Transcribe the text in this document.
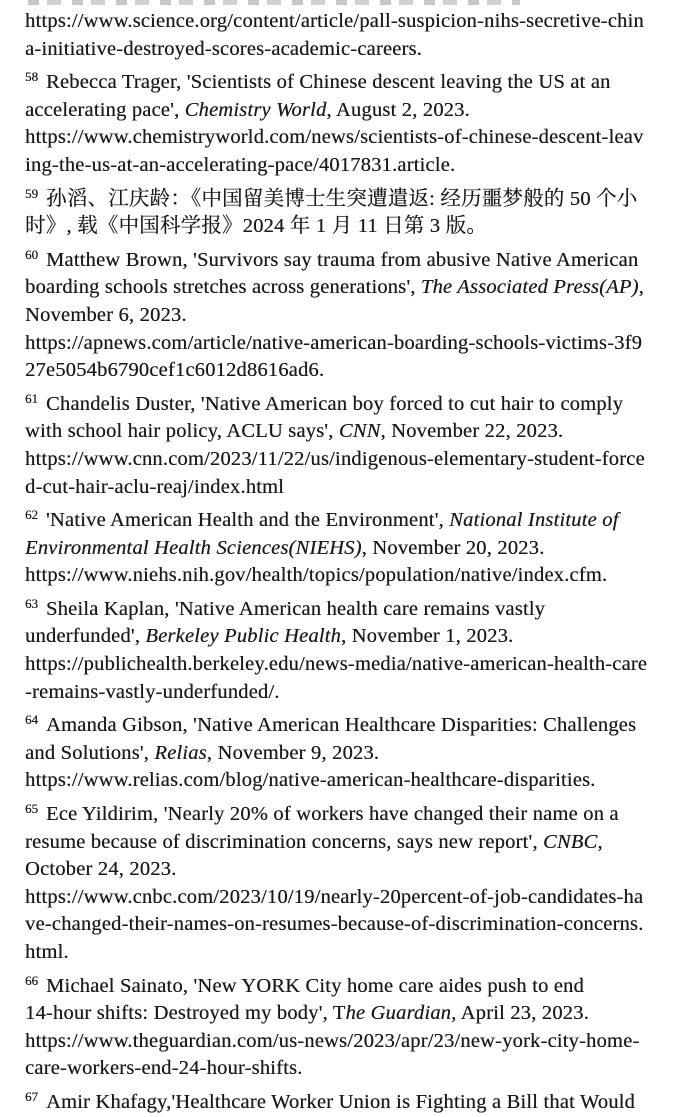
https://www.science.org/content/article/pall-suspicion-nihs-secretive-chin
a-initiative-destroyed-scores-academic-careers.
$^{58}$ Rebecca Trager, 'Scientists of Chinese descent leaving the US at an
accelerating pace', Chemistry World, August 2, 2023.
https://www.chemistryworld.com/news/scientists-of-chinese-descent-leav
ing-the-us-at-an-accelerating-pace/4017831.article.
$^{59}$ 孙滔、江庆龄：《中国留美博士生突遭遣返: 经历噩梦般的 50 个小
时》, 载《中国科学报》2024 年 1 月 11 日第 3 版。
$^{60}$ Matthew Brown, 'Survivors say trauma from abusive Native American
boarding schools stretches across generations', The Associated Press(AP),
November 6, 2023.
https://apnews.com/article/native-american-boarding-schools-victims-3f9
27e5054b6790cef1c6012d8616ad6.
$^{61}$ Chandelis Duster, 'Native American boy forced to cut hair to comply
with school hair policy, ACLU says', CNN, November 22, 2023.
https://www.cnn.com/2023/11/22/us/indigenous-elementary-student-force
d-cut-hair-aclu-reaj/index.html
$^{62}$ 'Native American Health and the Environment', National Institute of
Environmental Health Sciences(NIEHS), November 20, 2023.
https://www.niehs.nih.gov/health/topics/population/native/index.cfm.
$^{63}$ Sheila Kaplan, 'Native American health care remains vastly
underfunded', Berkeley Public Health, November 1, 2023.
https://publichealth.berkeley.edu/news-media/native-american-health-care
-remains-vastly-underfunded/.
$^{64}$ Amanda Gibson, 'Native American Healthcare Disparities: Challenges
and Solutions', Relias, November 9, 2023.
https://www.relias.com/blog/native-american-healthcare-disparities.
$^{65}$ Ece Yildirim, 'Nearly 20% of workers have changed their name on a
resume because of discrimination concerns, says new report', CNBC,
October 24, 2023.
https://www.cnbc.com/2023/10/19/nearly-20percent-of-job-candidates-ha
ve-changed-their-names-on-resumes-because-of-discrimination-concerns.
html.
$^{66}$ Michael Sainato, 'New YORK City home care aides push to end
14-hour shifts: Destroyed my body', The Guardian, April 23, 2023.
https://www.theguardian.com/us-news/2023/apr/23/new-york-city-home-
care-workers-end-24-hour-shifts.
$^{67}$ Amir Khafagy,'Healthcare Worker Union is Fighting a Bill that Would
